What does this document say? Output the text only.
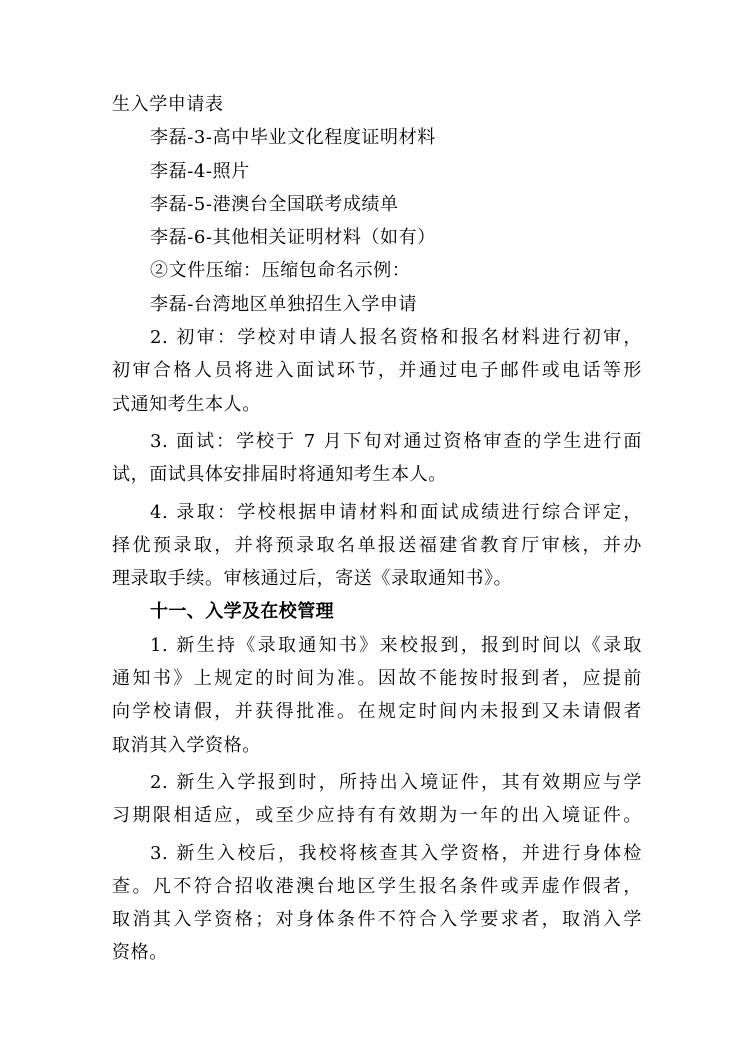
生入学申请表
李磊-3-高中毕业文化程度证明材料
李磊-4-照片
李磊-5-港澳台全国联考成绩单
李磊-6-其他相关证明材料（如有）
②文件压缩：压缩包命名示例：
李磊-台湾地区单独招生入学申请
2. 初审：学校对申请人报名资格和报名材料进行初审，
初审合格人员将进入面试环节，并通过电子邮件或电话等形
式通知考生本人。
3. 面试：学校于 7 月下旬对通过资格审查的学生进行面
试，面试具体安排届时将通知考生本人。
4. 录取：学校根据申请材料和面试成绩进行综合评定，
择优预录取，并将预录取名单报送福建省教育厅审核，并办
理录取手续。审核通过后，寄送《录取通知书》。
十一、入学及在校管理
1. 新生持《录取通知书》来校报到，报到时间以《录取
通知书》上规定的时间为准。因故不能按时报到者，应提前
向学校请假，并获得批准。在规定时间内未报到又未请假者
取消其入学资格。
2. 新生入学报到时，所持出入境证件，其有效期应与学
习期限相适应，或至少应持有有效期为一年的出入境证件。
3. 新生入校后，我校将核查其入学资格，并进行身体检
查。凡不符合招收港澳台地区学生报名条件或弄虚作假者，
取消其入学资格；对身体条件不符合入学要求者，取消入学
资格。
